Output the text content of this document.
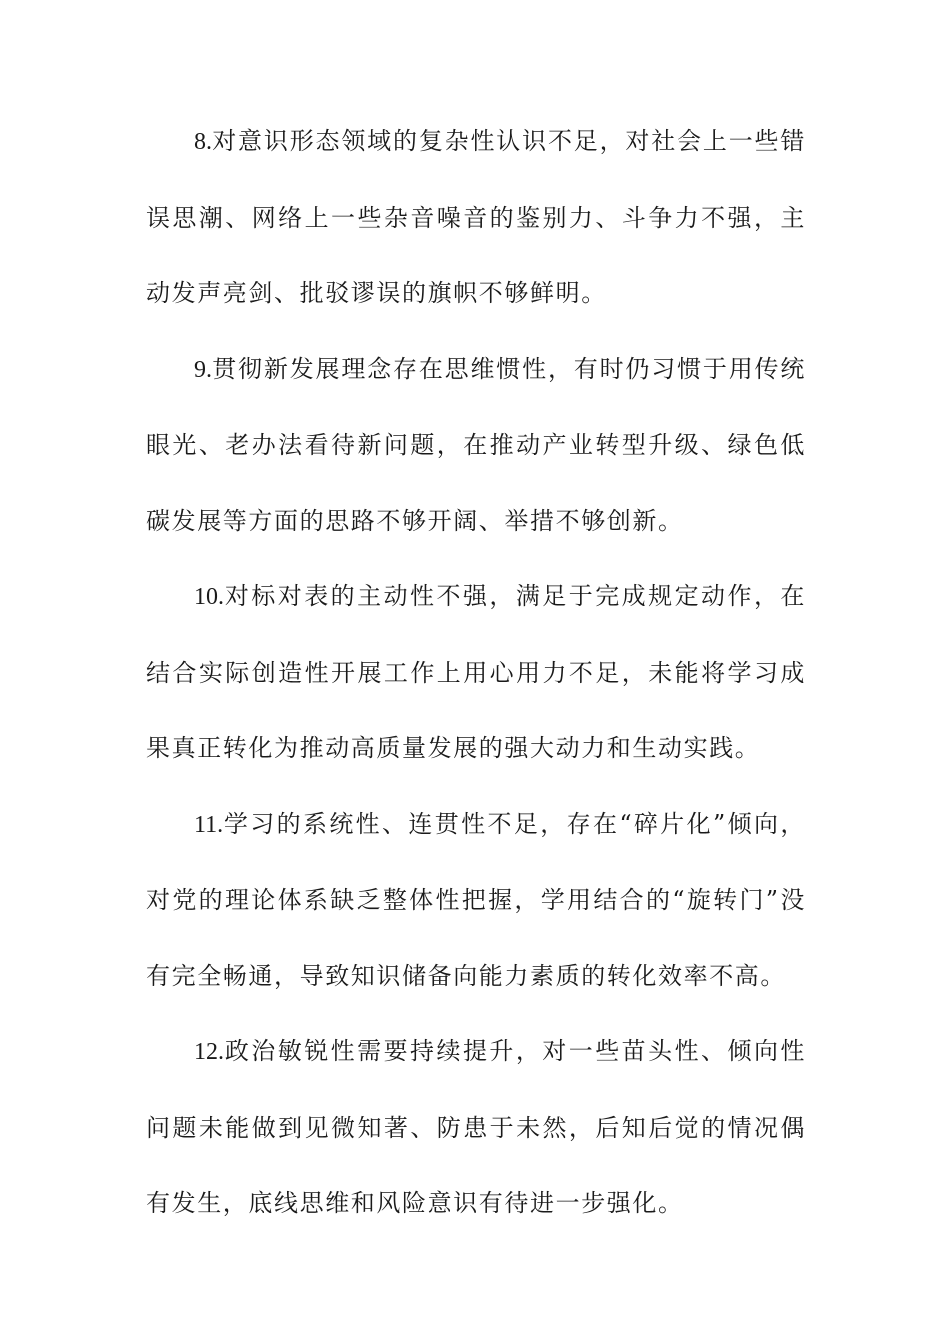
8.对意识形态领域的复杂性认识不足，对社会上一些错误思潮、网络上一些杂音噪音的鉴别力、斗争力不强，主动发声亮剑、批驳谬误的旗帜不够鲜明。

9.贯彻新发展理念存在思维惯性，有时仍习惯于用传统眼光、老办法看待新问题，在推动产业转型升级、绿色低碳发展等方面的思路不够开阔、举措不够创新。

10.对标对表的主动性不强，满足于完成规定动作，在结合实际创造性开展工作上用心用力不足，未能将学习成果真正转化为推动高质量发展的强大动力和生动实践。

11.学习的系统性、连贯性不足，存在“碎片化”倾向，对党的理论体系缺乏整体性把握，学用结合的“旋转门”没有完全畅通，导致知识储备向能力素质的转化效率不高。

12.政治敏锐性需要持续提升，对一些苗头性、倾向性问题未能做到见微知著、防患于未然，后知后觉的情况偶有发生，底线思维和风险意识有待进一步强化。
